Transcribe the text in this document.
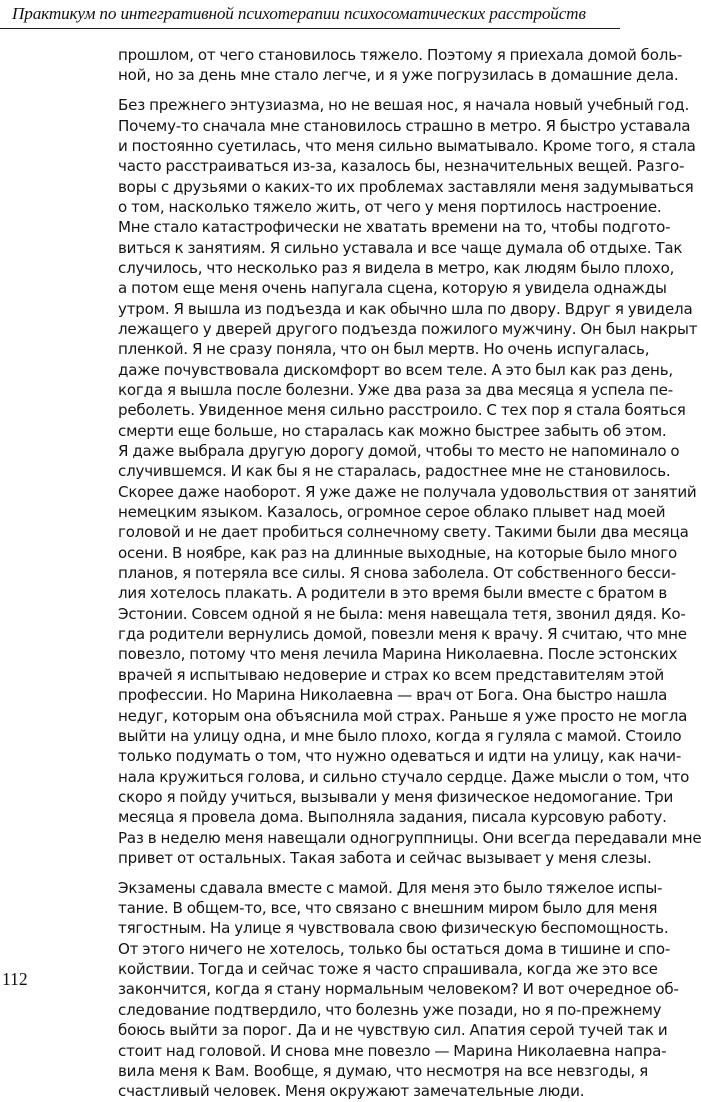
Практикум по интегративной психотерапии психосоматических расстройств
прошлом, от чего становилось тяжело. Поэтому я приехала домой боль-
ной, но за день мне стало легче, и я уже погрузилась в домашние дела.
Без прежнего энтузиазма, но не вешая нос, я начала новый учебный год.
Почему-то сначала мне становилось страшно в метро. Я быстро уставала
и постоянно суетилась, что меня сильно выматывало. Кроме того, я стала
часто расстраиваться из-за, казалось бы, незначительных вещей. Разго-
воры с друзьями о каких-то их проблемах заставляли меня задумываться
о том, насколько тяжело жить, от чего у меня портилось настроение.
Мне стало катастрофически не хватать времени на то, чтобы подгото-
виться к занятиям. Я сильно уставала и все чаще думала об отдыхе. Так
случилось, что несколько раз я видела в метро, как людям было плохо,
а потом еще меня очень напугала сцена, которую я увидела однажды
утром. Я вышла из подъезда и как обычно шла по двору. Вдруг я увидела
лежащего у дверей другого подъезда пожилого мужчину. Он был накрыт
пленкой. Я не сразу поняла, что он был мертв. Но очень испугалась,
даже почувствовала дискомфорт во всем теле. А это был как раз день,
когда я вышла после болезни. Уже два раза за два месяца я успела пе-
реболеть. Увиденное меня сильно расстроило. С тех пор я стала бояться
смерти еще больше, но старалась как можно быстрее забыть об этом.
Я даже выбрала другую дорогу домой, чтобы то место не напоминало о
случившемся. И как бы я не старалась, радостнее мне не становилось.
Скорее даже наоборот. Я уже даже не получала удовольствия от занятий
немецким языком. Казалось, огромное серое облако плывет над моей
головой и не дает пробиться солнечному свету. Такими были два месяца
осени. В ноябре, как раз на длинные выходные, на которые было много
планов, я потеряла все силы. Я снова заболела. От собственного бесси-
лия хотелось плакать. А родители в это время были вместе с братом в
Эстонии. Совсем одной я не была: меня навещала тетя, звонил дядя. Ко-
гда родители вернулись домой, повезли меня к врачу. Я считаю, что мне
повезло, потому что меня лечила Марина Николаевна. После эстонских
врачей я испытываю недоверие и страх ко всем представителям этой
профессии. Но Марина Николаевна — врач от Бога. Она быстро нашла
недуг, которым она объяснила мой страх. Раньше я уже просто не могла
выйти на улицу одна, и мне было плохо, когда я гуляла с мамой. Стоило
только подумать о том, что нужно одеваться и идти на улицу, как начи-
нала кружиться голова, и сильно стучало сердце. Даже мысли о том, что
скоро я пойду учиться, вызывали у меня физическое недомогание. Три
месяца я провела дома. Выполняла задания, писала курсовую работу.
Раз в неделю меня навещали одногруппницы. Они всегда передавали мне
привет от остальных. Такая забота и сейчас вызывает у меня слезы.
Экзамены сдавала вместе с мамой. Для меня это было тяжелое испы-
тание. В общем-то, все, что связано с внешним миром было для меня
тягостным. На улице я чувствовала свою физическую беспомощность.
От этого ничего не хотелось, только бы остаться дома в тишине и спо-
койствии. Тогда и сейчас тоже я часто спрашивала, когда же это все
закончится, когда я стану нормальным человеком? И вот очередное об-
следование подтвердило, что болезнь уже позади, но я по-прежнему
боюсь выйти за порог. Да и не чувствую сил. Апатия серой тучей так и
стоит над головой. И снова мне повезло — Марина Николаевна напра-
вила меня к Вам. Вообще, я думаю, что несмотря на все невзгоды, я
счастливый человек. Меня окружают замечательные люди.
112
